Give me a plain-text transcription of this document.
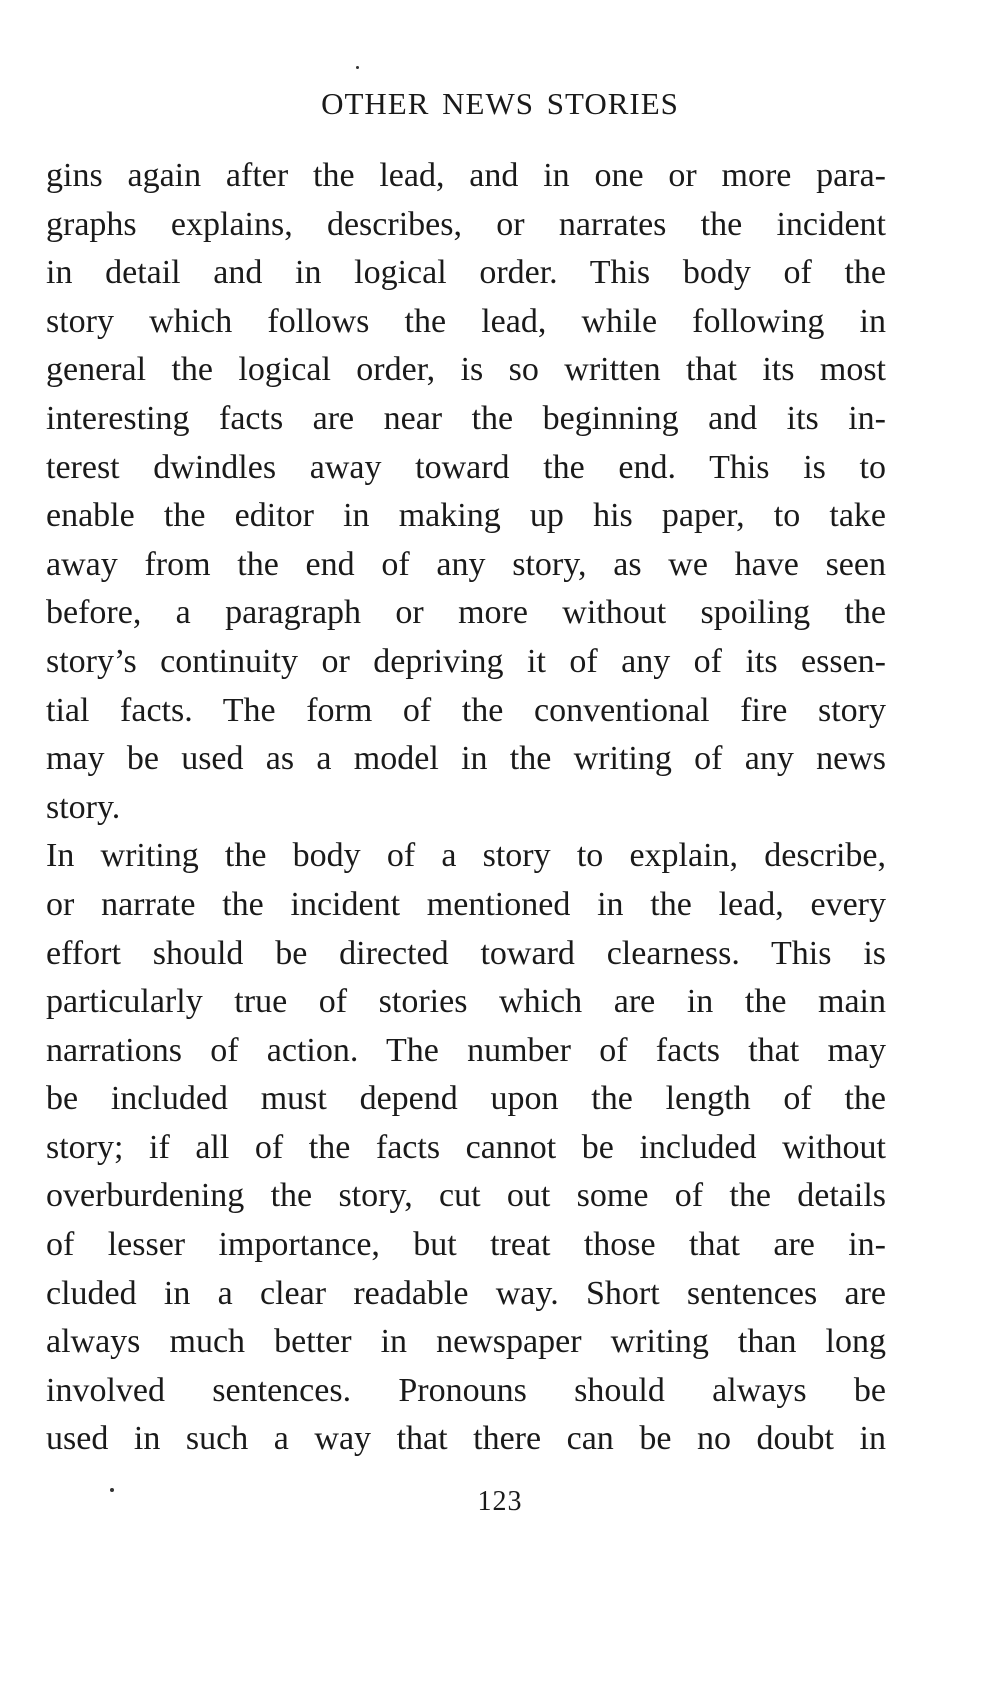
OTHER NEWS STORIES
gins again after the lead, and in one or more para-
graphs explains, describes, or narrates the incident
in detail and in logical order. This body of the
story which follows the lead, while following in
general the logical order, is so written that its most
interesting facts are near the beginning and its in-
terest dwindles away toward the end. This is to
enable the editor in making up his paper, to take
away from the end of any story, as we have seen
before, a paragraph or more without spoiling the
story’s continuity or depriving it of any of its essen-
tial facts. The form of the conventional fire story
may be used as a model in the writing of any news
story.
In writing the body of a story to explain, describe,
or narrate the incident mentioned in the lead, every
effort should be directed toward clearness. This is
particularly true of stories which are in the main
narrations of action. The number of facts that may
be included must depend upon the length of the
story; if all of the facts cannot be included without
overburdening the story, cut out some of the details
of lesser importance, but treat those that are in-
cluded in a clear readable way. Short sentences are
always much better in newspaper writing than long
involved sentences. Pronouns should always be
used in such a way that there can be no doubt in
123
